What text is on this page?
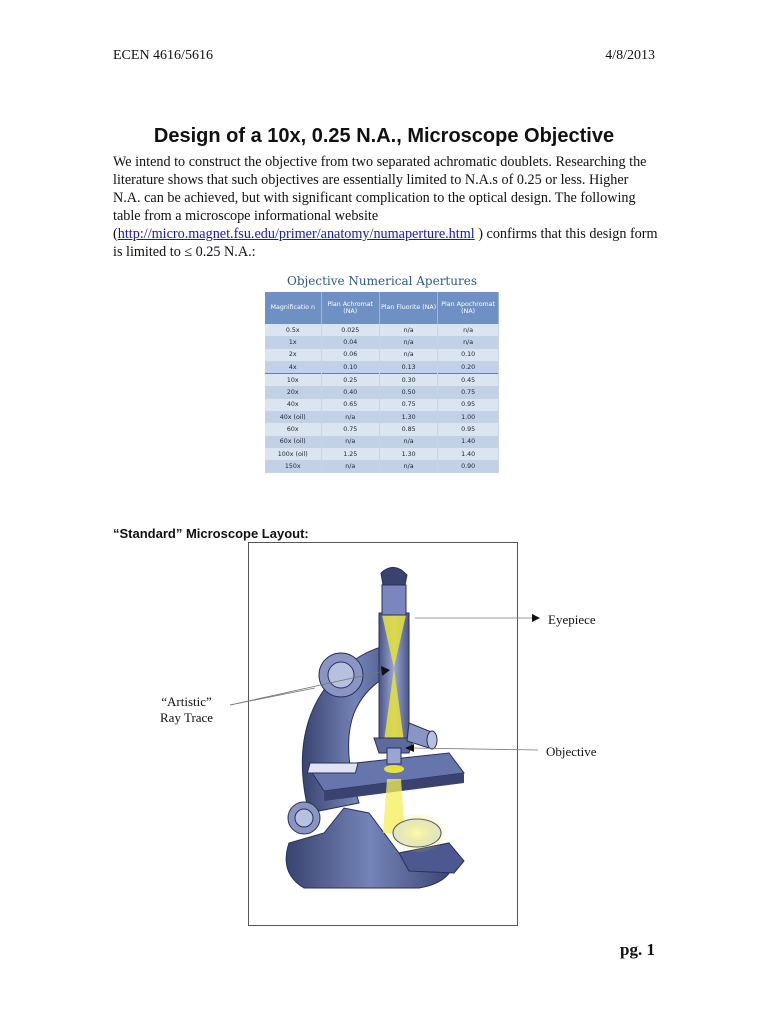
ECEN 4616/5616	4/8/2013
Design of a 10x, 0.25 N.A., Microscope Objective
We intend to construct the objective from two separated achromatic doublets. Researching the literature shows that such objectives are essentially limited to N.A.s of 0.25 or less. Higher N.A. can be achieved, but with significant complication to the optical design. The following table from a microscope informational website (http://micro.magnet.fsu.edu/primer/anatomy/numaperture.html ) confirms that this design form is limited to ≤ 0.25 N.A.:
Objective Numerical Apertures
Magnificatio n	Plan Achromat (NA)	Plan Fluorite (NA)	Plan Apochromat (NA)
0.5x	0.025	n/a	n/a
1x	0.04	n/a	n/a
2x	0.06	n/a	0.10
4x	0.10	0.13	0.20
10x	0.25	0.30	0.45
20x	0.40	0.50	0.75
40x	0.65	0.75	0.95
40x (oil)	n/a	1.30	1.00
60x	0.75	0.85	0.95
60x (oil)	n/a	n/a	1.40
100x (oil)	1.25	1.30	1.40
150x	n/a	n/a	0.90
“Standard” Microscope Layout:
Eyepiece
“Artistic”
Ray Trace
Objective
pg. 1
